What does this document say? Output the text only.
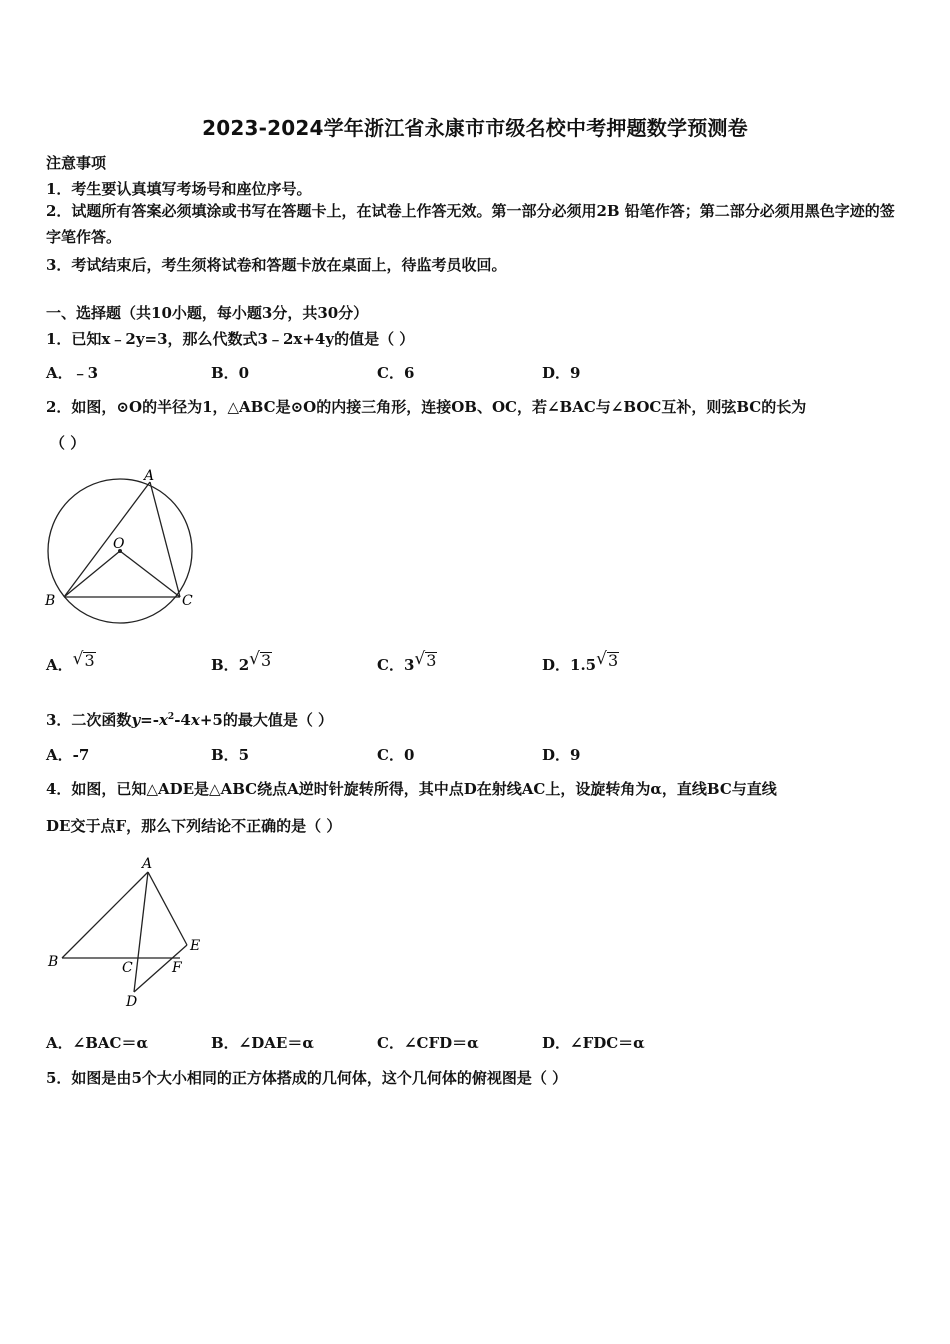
2023-2024学年浙江省永康市市级名校中考押题数学预测卷
注意事项
1．考生要认真填写考场号和座位序号。
2．试题所有答案必须填涂或书写在答题卡上，在试卷上作答无效。第一部分必须用2B 铅笔作答；第二部分必须用黑色字迹的签字笔作答。
3．考试结束后，考生须将试卷和答题卡放在桌面上，待监考员收回。
一、选择题（共10小题，每小题3分，共30分）
1．已知x﹣2y=3，那么代数式3﹣2x+4y的值是（ ）
A．﹣3	B．0	C．6	D．9
2．如图，⊙O的半径为1，△ABC是⊙O的内接三角形，连接OB、OC，若∠BAC与∠BOC互补，则弦BC的长为
（ ）
A
O
B	C
A． √ 3	B．2 √ 3	C．3 √ 3	D．1.5 √ 3
3．二次函数$y=-x^2-4x+5$的最大值是（ ）
A．-7	B．5	C．0	D．9
4．如图，已知△ADE是△ABC绕点A逆时针旋转所得，其中点D在射线AC上，设旋转角为α，直线BC与直线
DE交于点F，那么下列结论不正确的是（ ）
A
B	C	F
E
D
A．∠BAC＝α	B．∠DAE＝α	C．∠CFD＝α	D．∠FDC＝α
5．如图是由5个大小相同的正方体搭成的几何体，这个几何体的俯视图是（ ）
